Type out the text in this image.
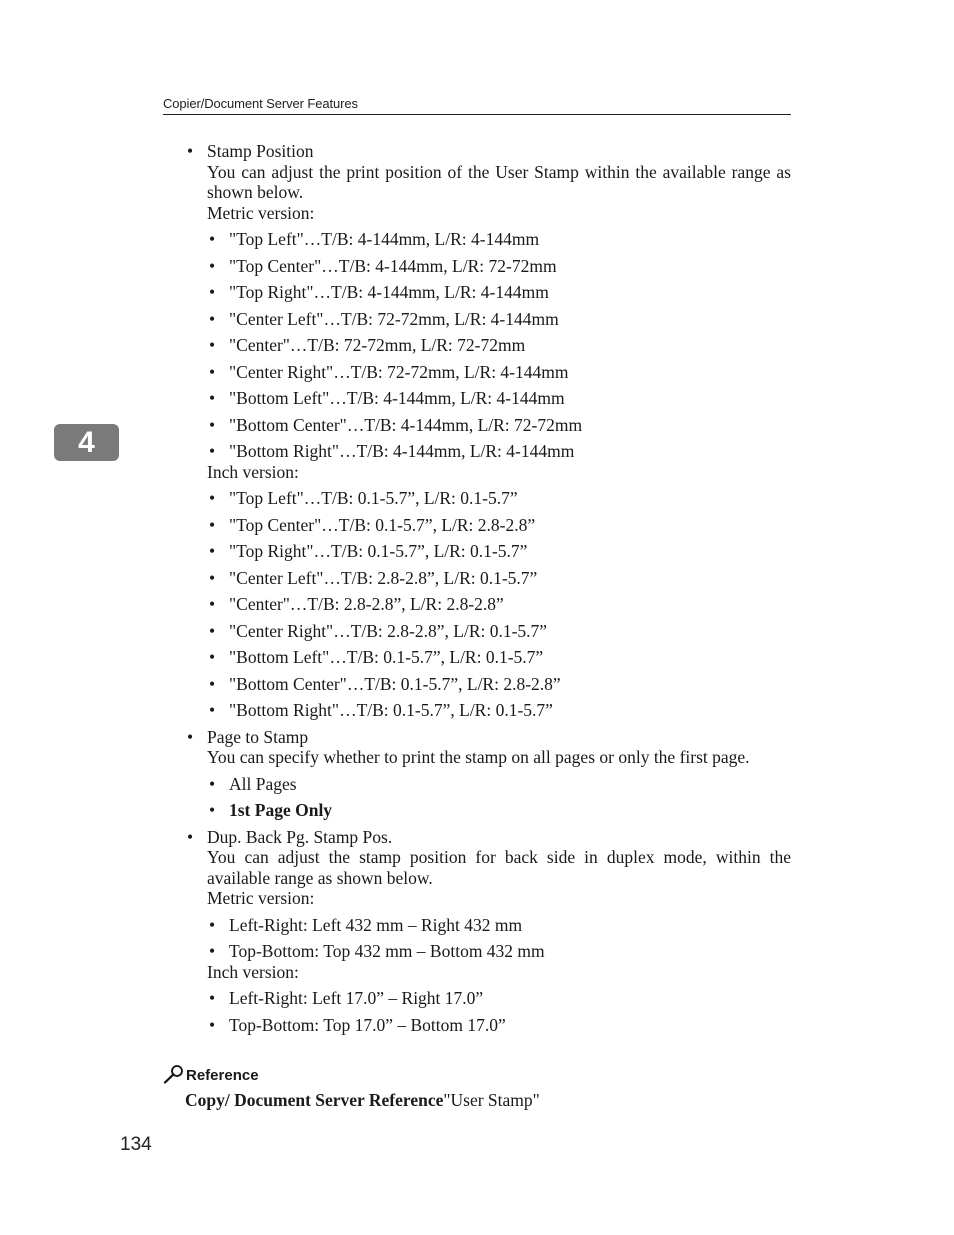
Copier/Document Server Features
4
• Stamp Position
You can adjust the print position of the User Stamp within the available range as shown below.
Metric version:
• "Top Left"…T/B: 4-144mm, L/R: 4-144mm
• "Top Center"…T/B: 4-144mm, L/R: 72-72mm
• "Top Right"…T/B: 4-144mm, L/R: 4-144mm
• "Center Left"…T/B: 72-72mm, L/R: 4-144mm
• "Center"…T/B: 72-72mm, L/R: 72-72mm
• "Center Right"…T/B: 72-72mm, L/R: 4-144mm
• "Bottom Left"…T/B: 4-144mm, L/R: 4-144mm
• "Bottom Center"…T/B: 4-144mm, L/R: 72-72mm
• "Bottom Right"…T/B: 4-144mm, L/R: 4-144mm
Inch version:
• "Top Left"…T/B: 0.1-5.7”, L/R: 0.1-5.7”
• "Top Center"…T/B: 0.1-5.7”, L/R: 2.8-2.8”
• "Top Right"…T/B: 0.1-5.7”, L/R: 0.1-5.7”
• "Center Left"…T/B: 2.8-2.8”, L/R: 0.1-5.7”
• "Center"…T/B: 2.8-2.8”, L/R: 2.8-2.8”
• "Center Right"…T/B: 2.8-2.8”, L/R: 0.1-5.7”
• "Bottom Left"…T/B: 0.1-5.7”, L/R: 0.1-5.7”
• "Bottom Center"…T/B: 0.1-5.7”, L/R: 2.8-2.8”
• "Bottom Right"…T/B: 0.1-5.7”, L/R: 0.1-5.7”
• Page to Stamp
You can specify whether to print the stamp on all pages or only the first page.
• All Pages
• 1st Page Only
• Dup. Back Pg. Stamp Pos.
You can adjust the stamp position for back side in duplex mode, within the available range as shown below.
Metric version:
• Left-Right: Left 432 mm – Right 432 mm
• Top-Bottom: Top 432 mm – Bottom 432 mm
Inch version:
• Left-Right: Left 17.0” – Right 17.0”
• Top-Bottom: Top 17.0” – Bottom 17.0”
Reference
Copy/ Document Server Reference"User Stamp"
134
